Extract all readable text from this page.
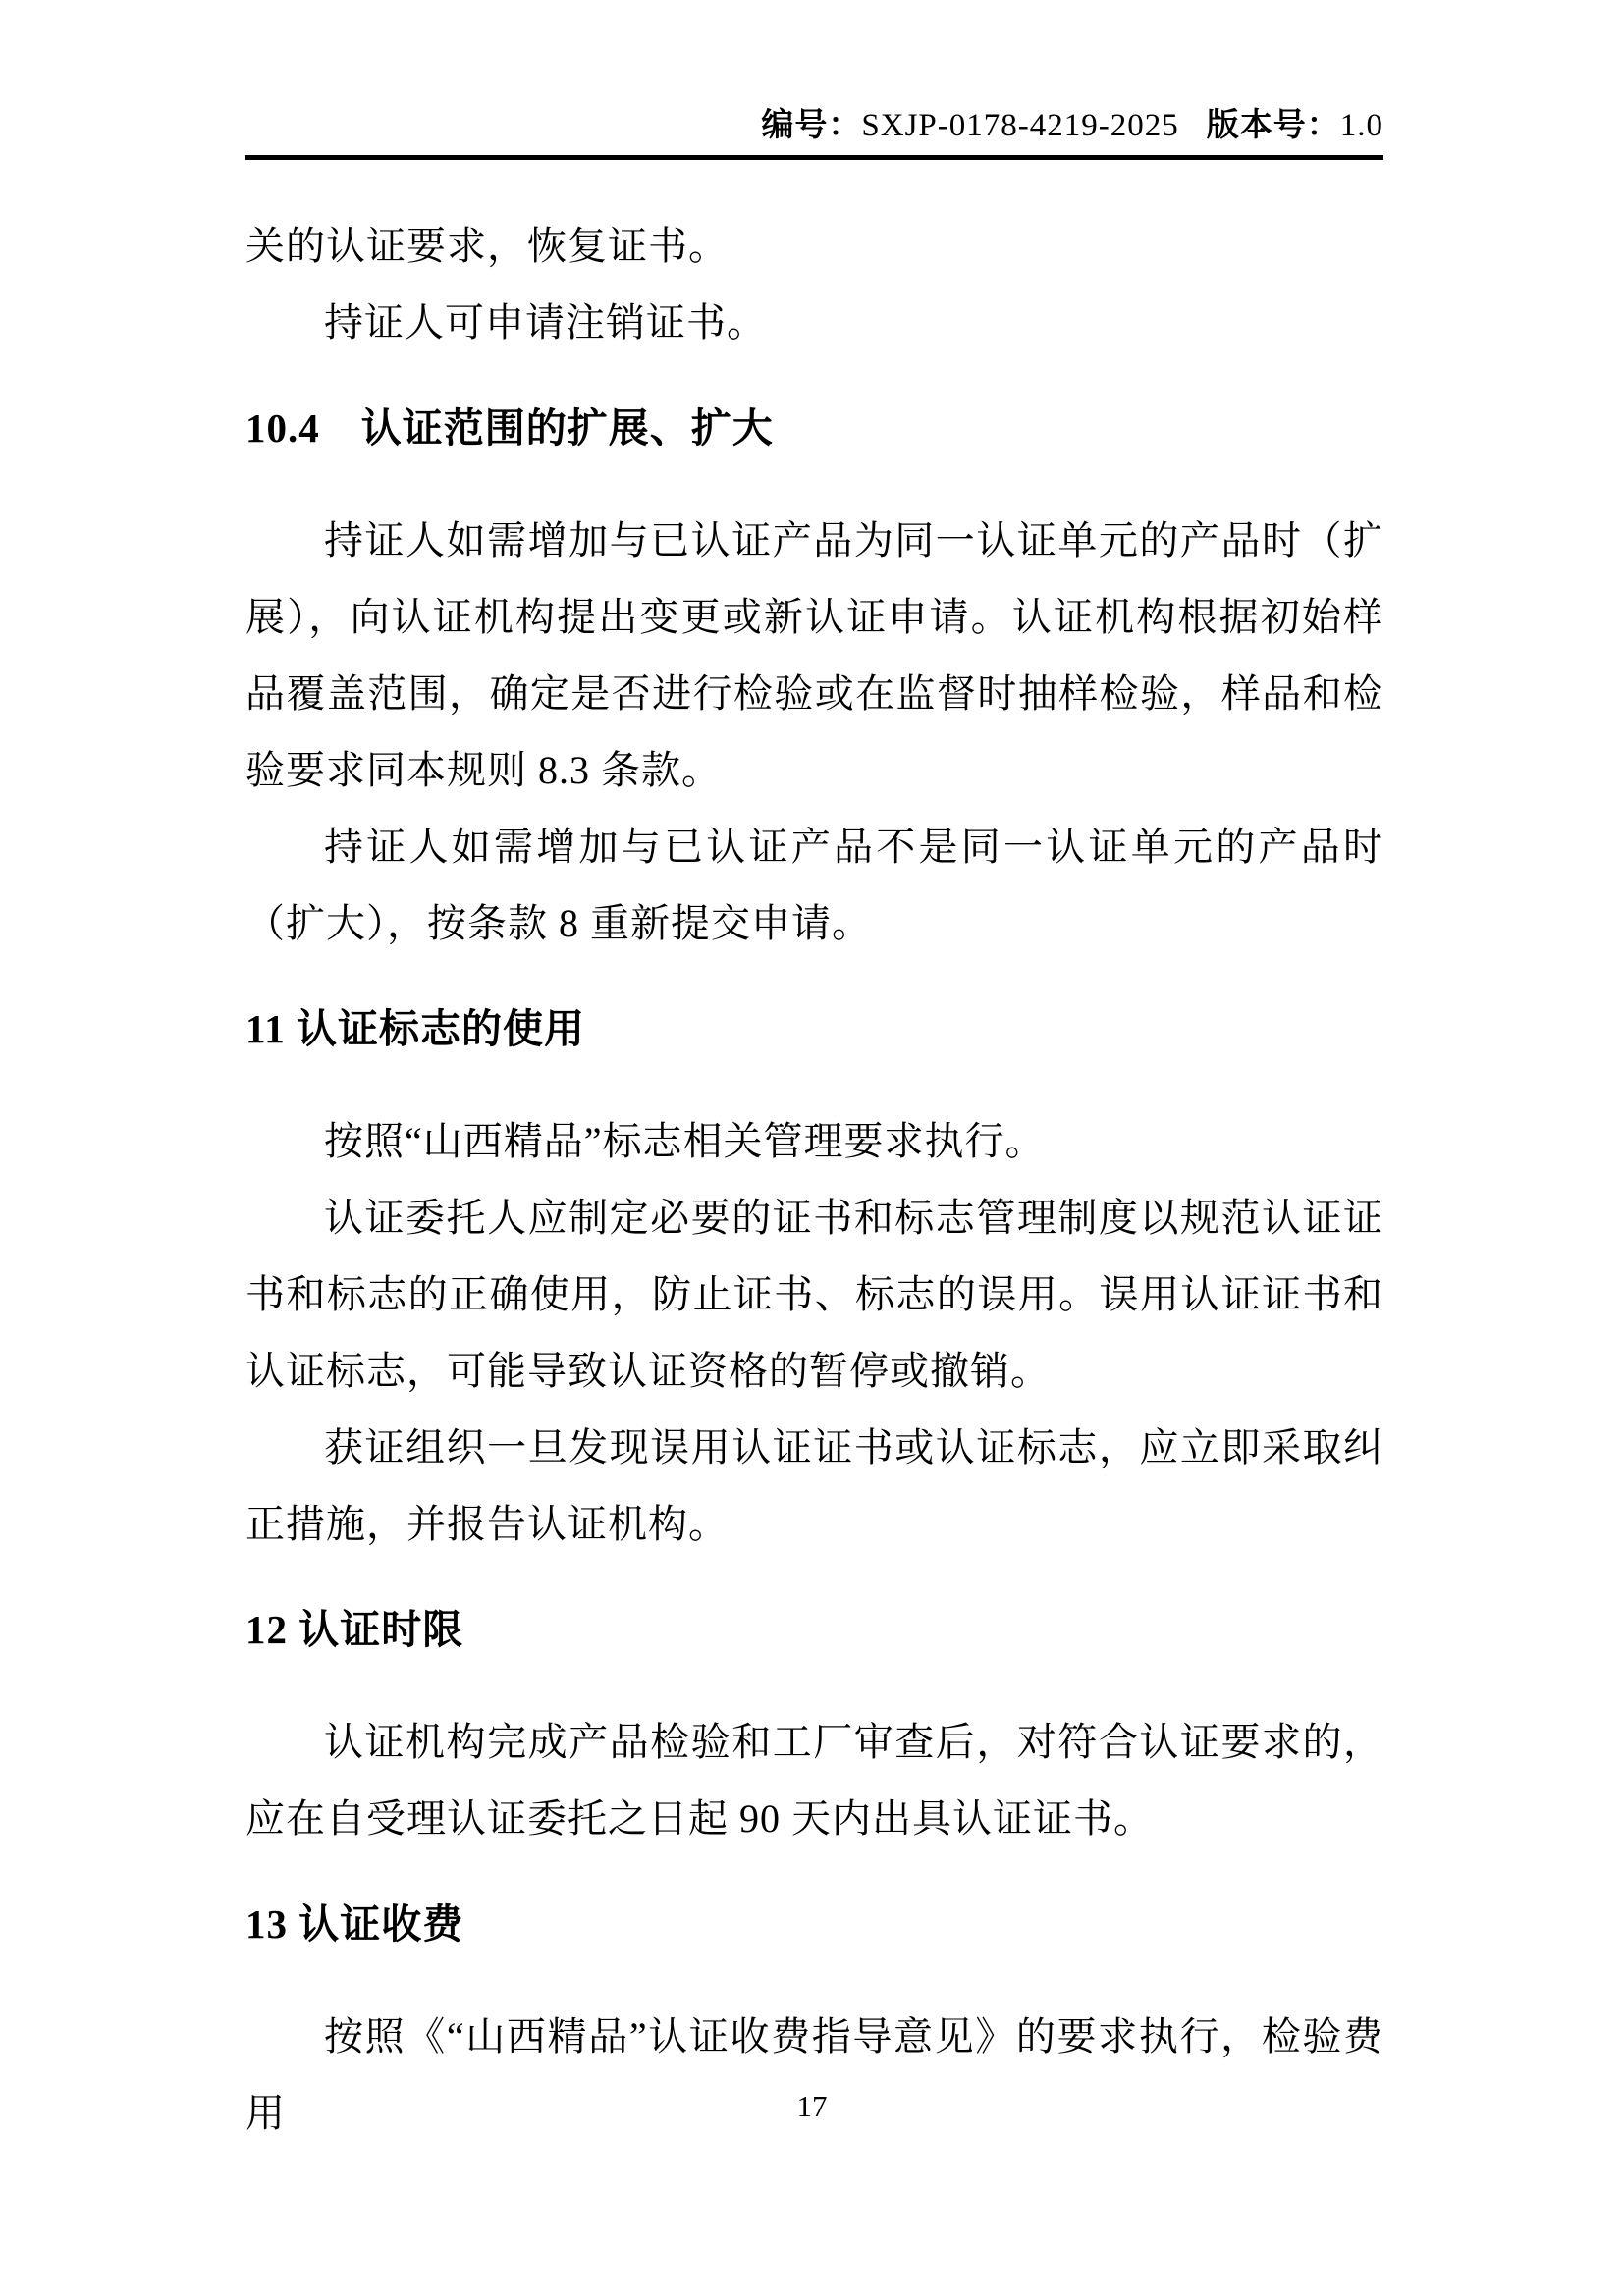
编号：SXJP-0178-4219-2025 版本号：1.0

关的认证要求，恢复证书。

持证人可申请注销证书。

10.4　认证范围的扩展、扩大

持证人如需增加与已认证产品为同一认证单元的产品时（扩展），向认证机构提出变更或新认证申请。认证机构根据初始样品覆盖范围，确定是否进行检验或在监督时抽样检验，样品和检验要求同本规则 8.3 条款。

持证人如需增加与已认证产品不是同一认证单元的产品时（扩大），按条款 8 重新提交申请。

11 认证标志的使用

按照“山西精品”标志相关管理要求执行。

认证委托人应制定必要的证书和标志管理制度以规范认证证书和标志的正确使用，防止证书、标志的误用。误用认证证书和认证标志，可能导致认证资格的暂停或撤销。

获证组织一旦发现误用认证证书或认证标志，应立即采取纠正措施，并报告认证机构。

12 认证时限

认证机构完成产品检验和工厂审查后，对符合认证要求的，应在自受理认证委托之日起 90 天内出具认证证书。

13 认证收费

按照《“山西精品”认证收费指导意见》的要求执行，检验费用	17
